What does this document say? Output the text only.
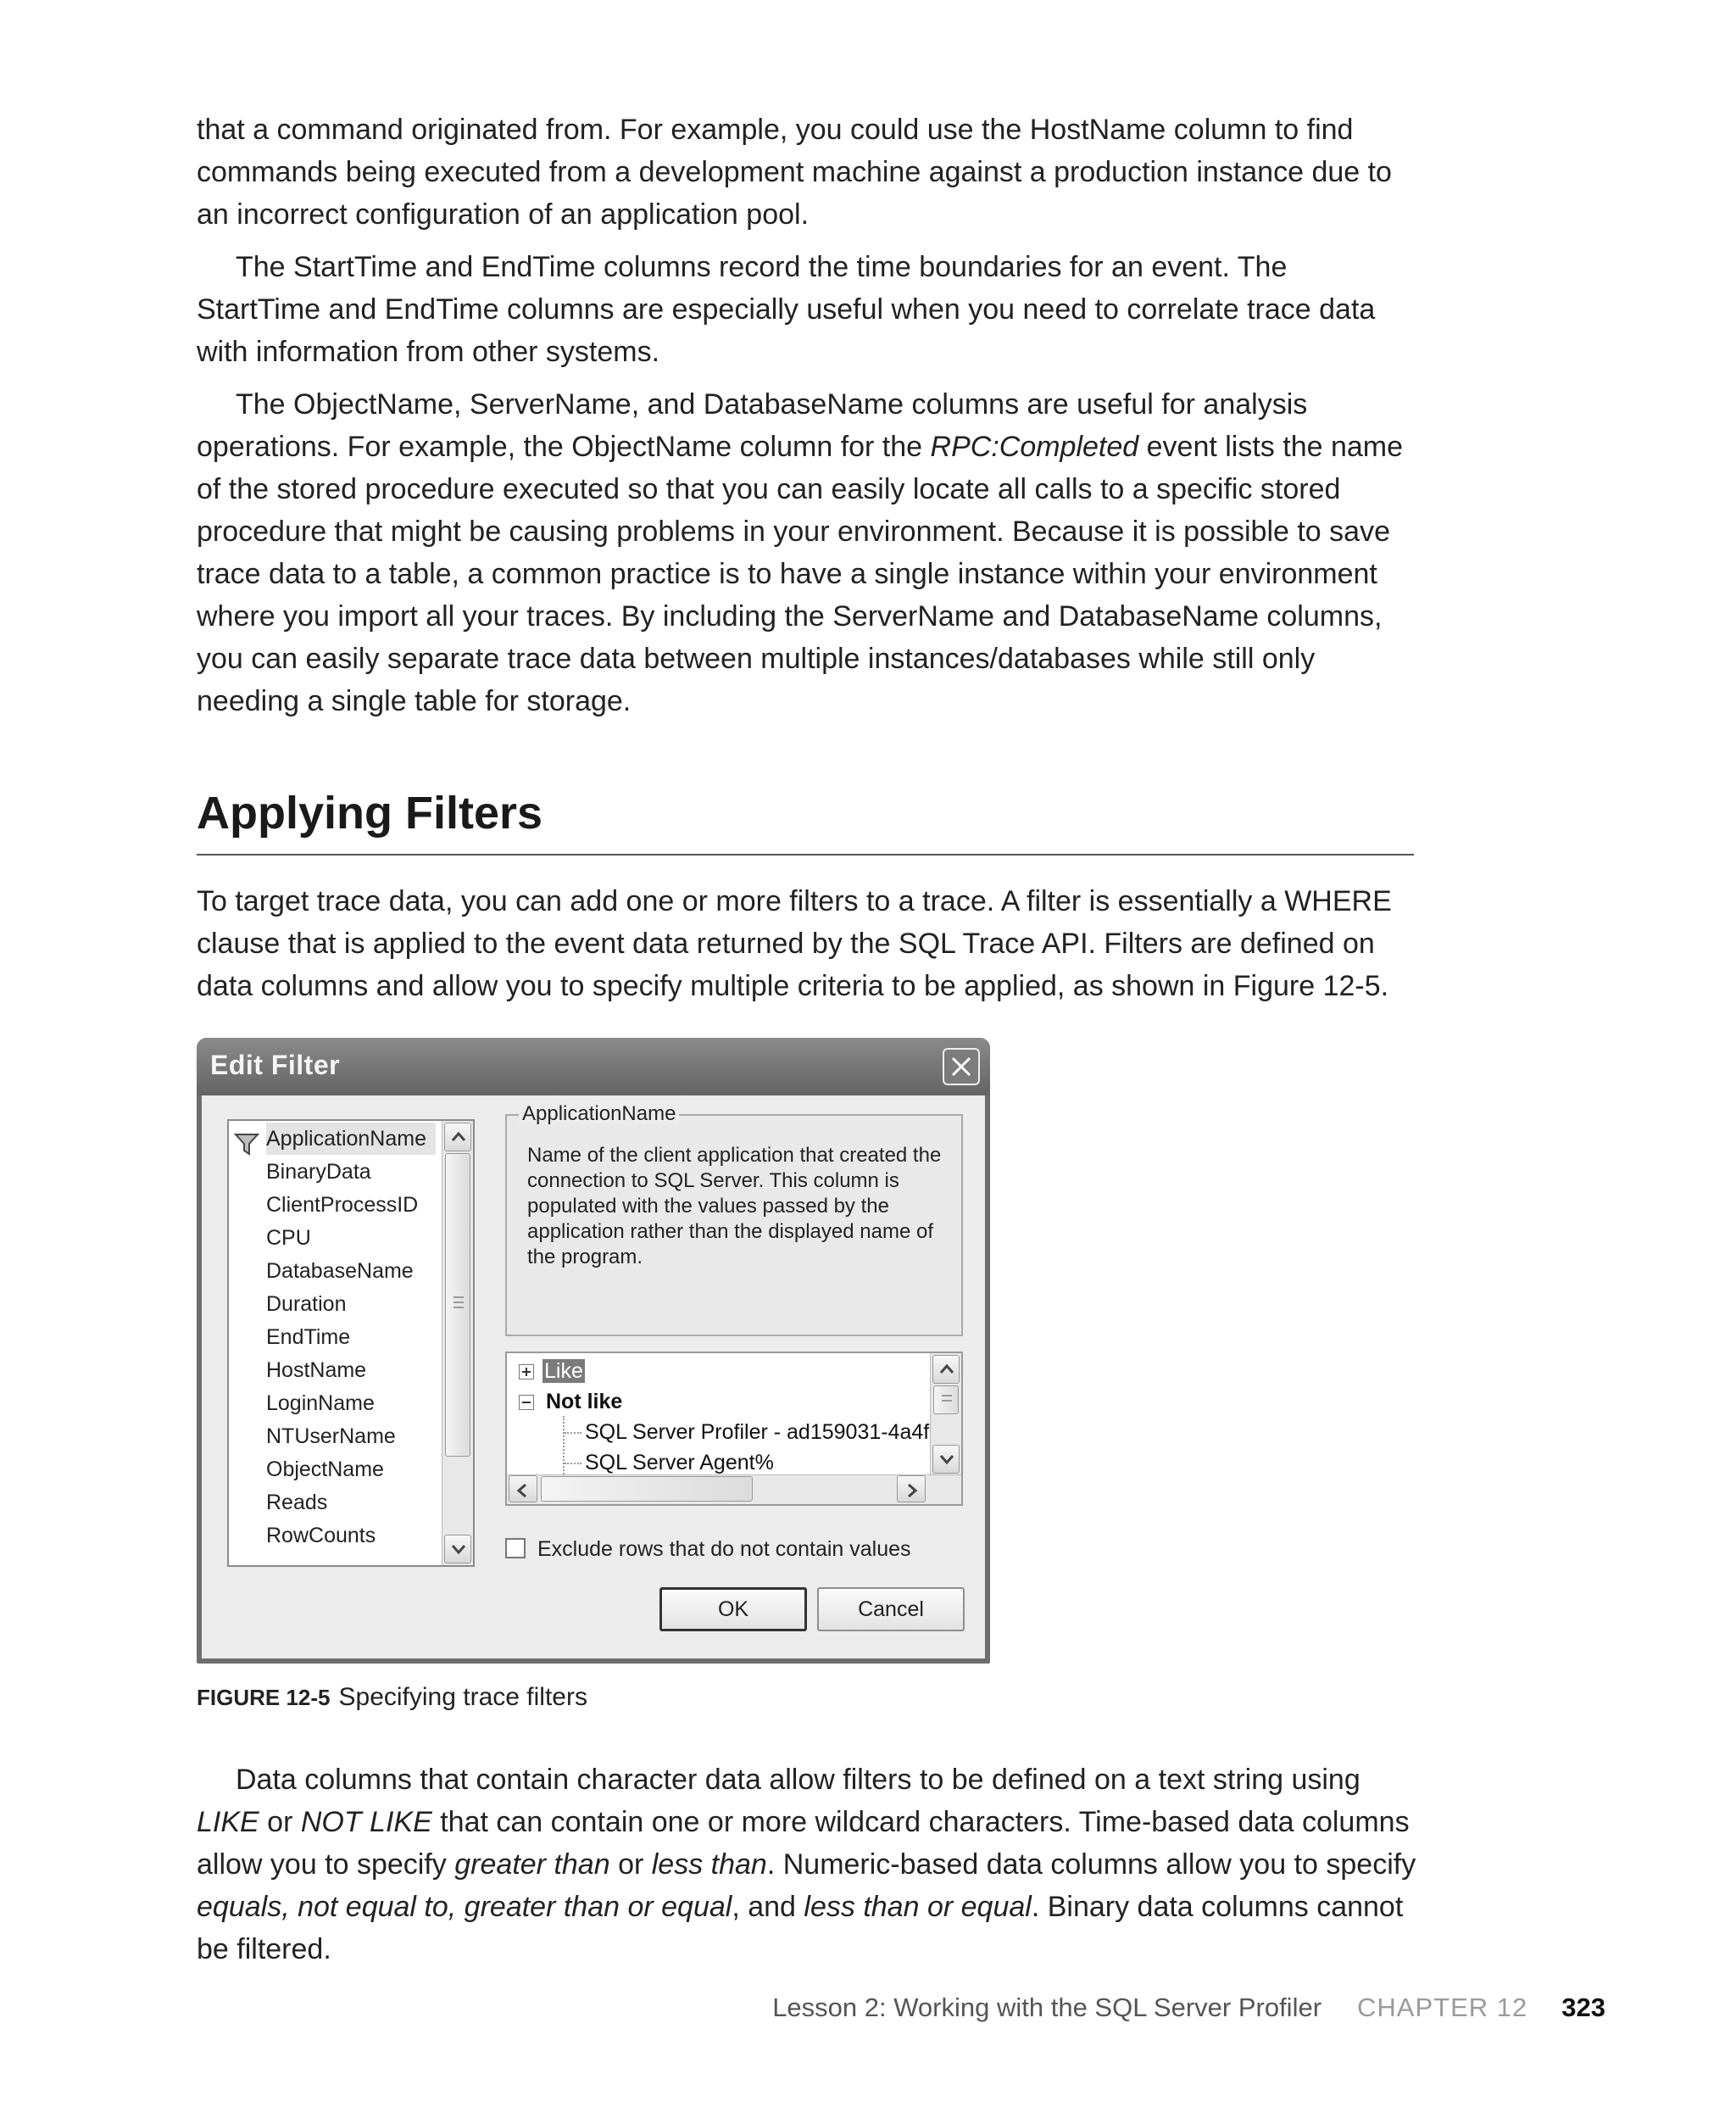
that a command originated from. For example, you could use the HostName column to find commands being executed from a development machine against a production instance due to an incorrect configuration of an application pool.

The StartTime and EndTime columns record the time boundaries for an event. The StartTime and EndTime columns are especially useful when you need to correlate trace data with information from other systems.

The ObjectName, ServerName, and DatabaseName columns are useful for analysis operations. For example, the ObjectName column for the RPC:Completed event lists the name of the stored procedure executed so that you can easily locate all calls to a specific stored procedure that might be causing problems in your environment. Because it is possible to save trace data to a table, a common practice is to have a single instance within your environment where you import all your traces. By including the ServerName and DatabaseName columns, you can easily separate trace data between multiple instances/databases while still only needing a single table for storage.

Applying Filters

To target trace data, you can add one or more filters to a trace. A filter is essentially a WHERE clause that is applied to the event data returned by the SQL Trace API. Filters are defined on data columns and allow you to specify multiple criteria to be applied, as shown in Figure 12-5.

Edit Filter
ApplicationName
BinaryData
ClientProcessID
CPU
DatabaseName
Duration
EndTime
HostName
LoginName
NTUserName
ObjectName
Reads
RowCounts
ApplicationName
Name of the client application that created the connection to SQL Server. This column is populated with the values passed by the application rather than the displayed name of the program.
Like
Not like
SQL Server Profiler - ad159031-4a4f
SQL Server Agent%
Exclude rows that do not contain values
OK	Cancel
FIGURE 12-5 Specifying trace filters

Data columns that contain character data allow filters to be defined on a text string using LIKE or NOT LIKE that can contain one or more wildcard characters. Time-based data columns allow you to specify greater than or less than. Numeric-based data columns allow you to specify equals, not equal to, greater than or equal, and less than or equal. Binary data columns cannot be filtered.

Lesson 2: Working with the SQL Server Profiler CHAPTER 12 323
